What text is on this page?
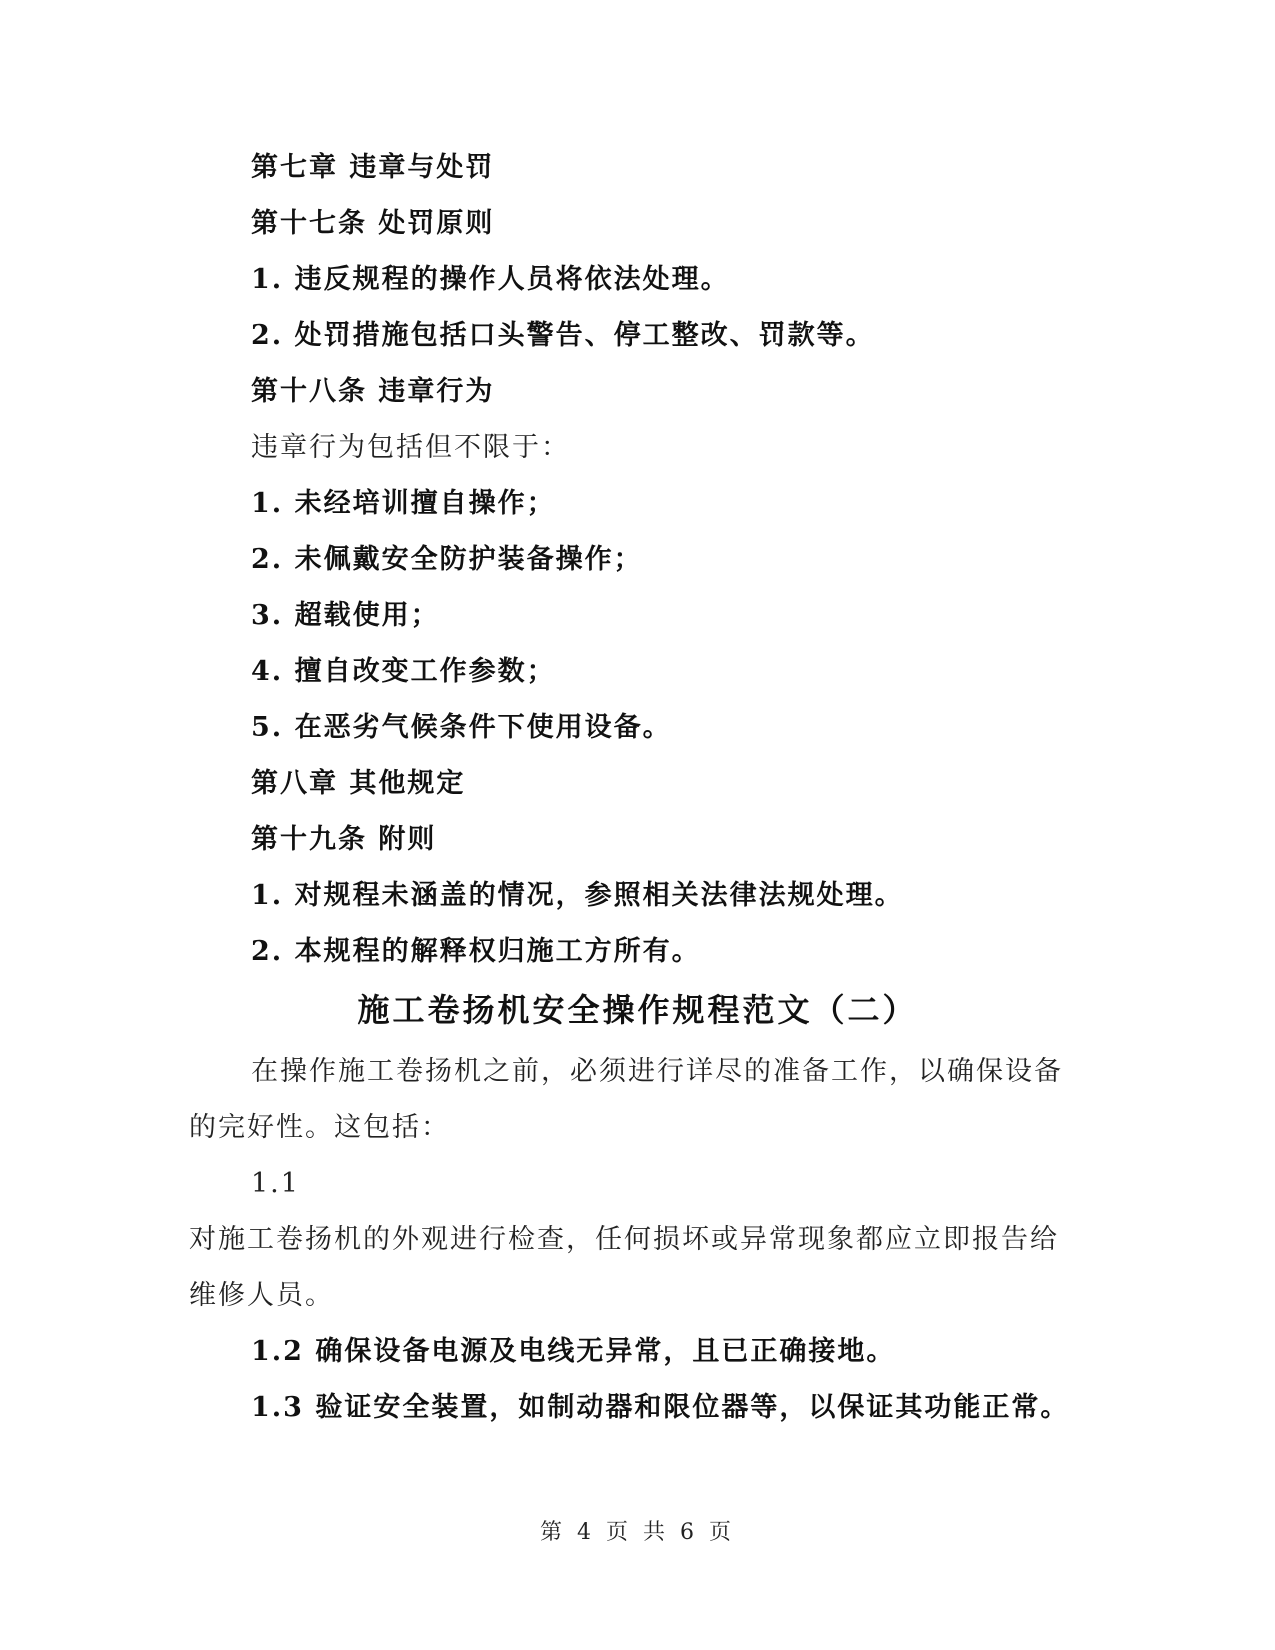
第七章 违章与处罚
第十七条 处罚原则
1. 违反规程的操作人员将依法处理。
2. 处罚措施包括口头警告、停工整改、罚款等。
第十八条 违章行为
违章行为包括但不限于：
1. 未经培训擅自操作；
2. 未佩戴安全防护装备操作；
3. 超载使用；
4. 擅自改变工作参数；
5. 在恶劣气候条件下使用设备。
第八章 其他规定
第十九条 附则
1. 对规程未涵盖的情况，参照相关法律法规处理。
2. 本规程的解释权归施工方所有。
施工卷扬机安全操作规程范文（二）
在操作施工卷扬机之前，必须进行详尽的准备工作，以确保设备
的完好性。这包括：
1.1
对施工卷扬机的外观进行检查，任何损坏或异常现象都应立即报告给
维修人员。
1.2 确保设备电源及电线无异常，且已正确接地。
1.3 验证安全装置，如制动器和限位器等，以保证其功能正常。
第 4 页 共 6 页
